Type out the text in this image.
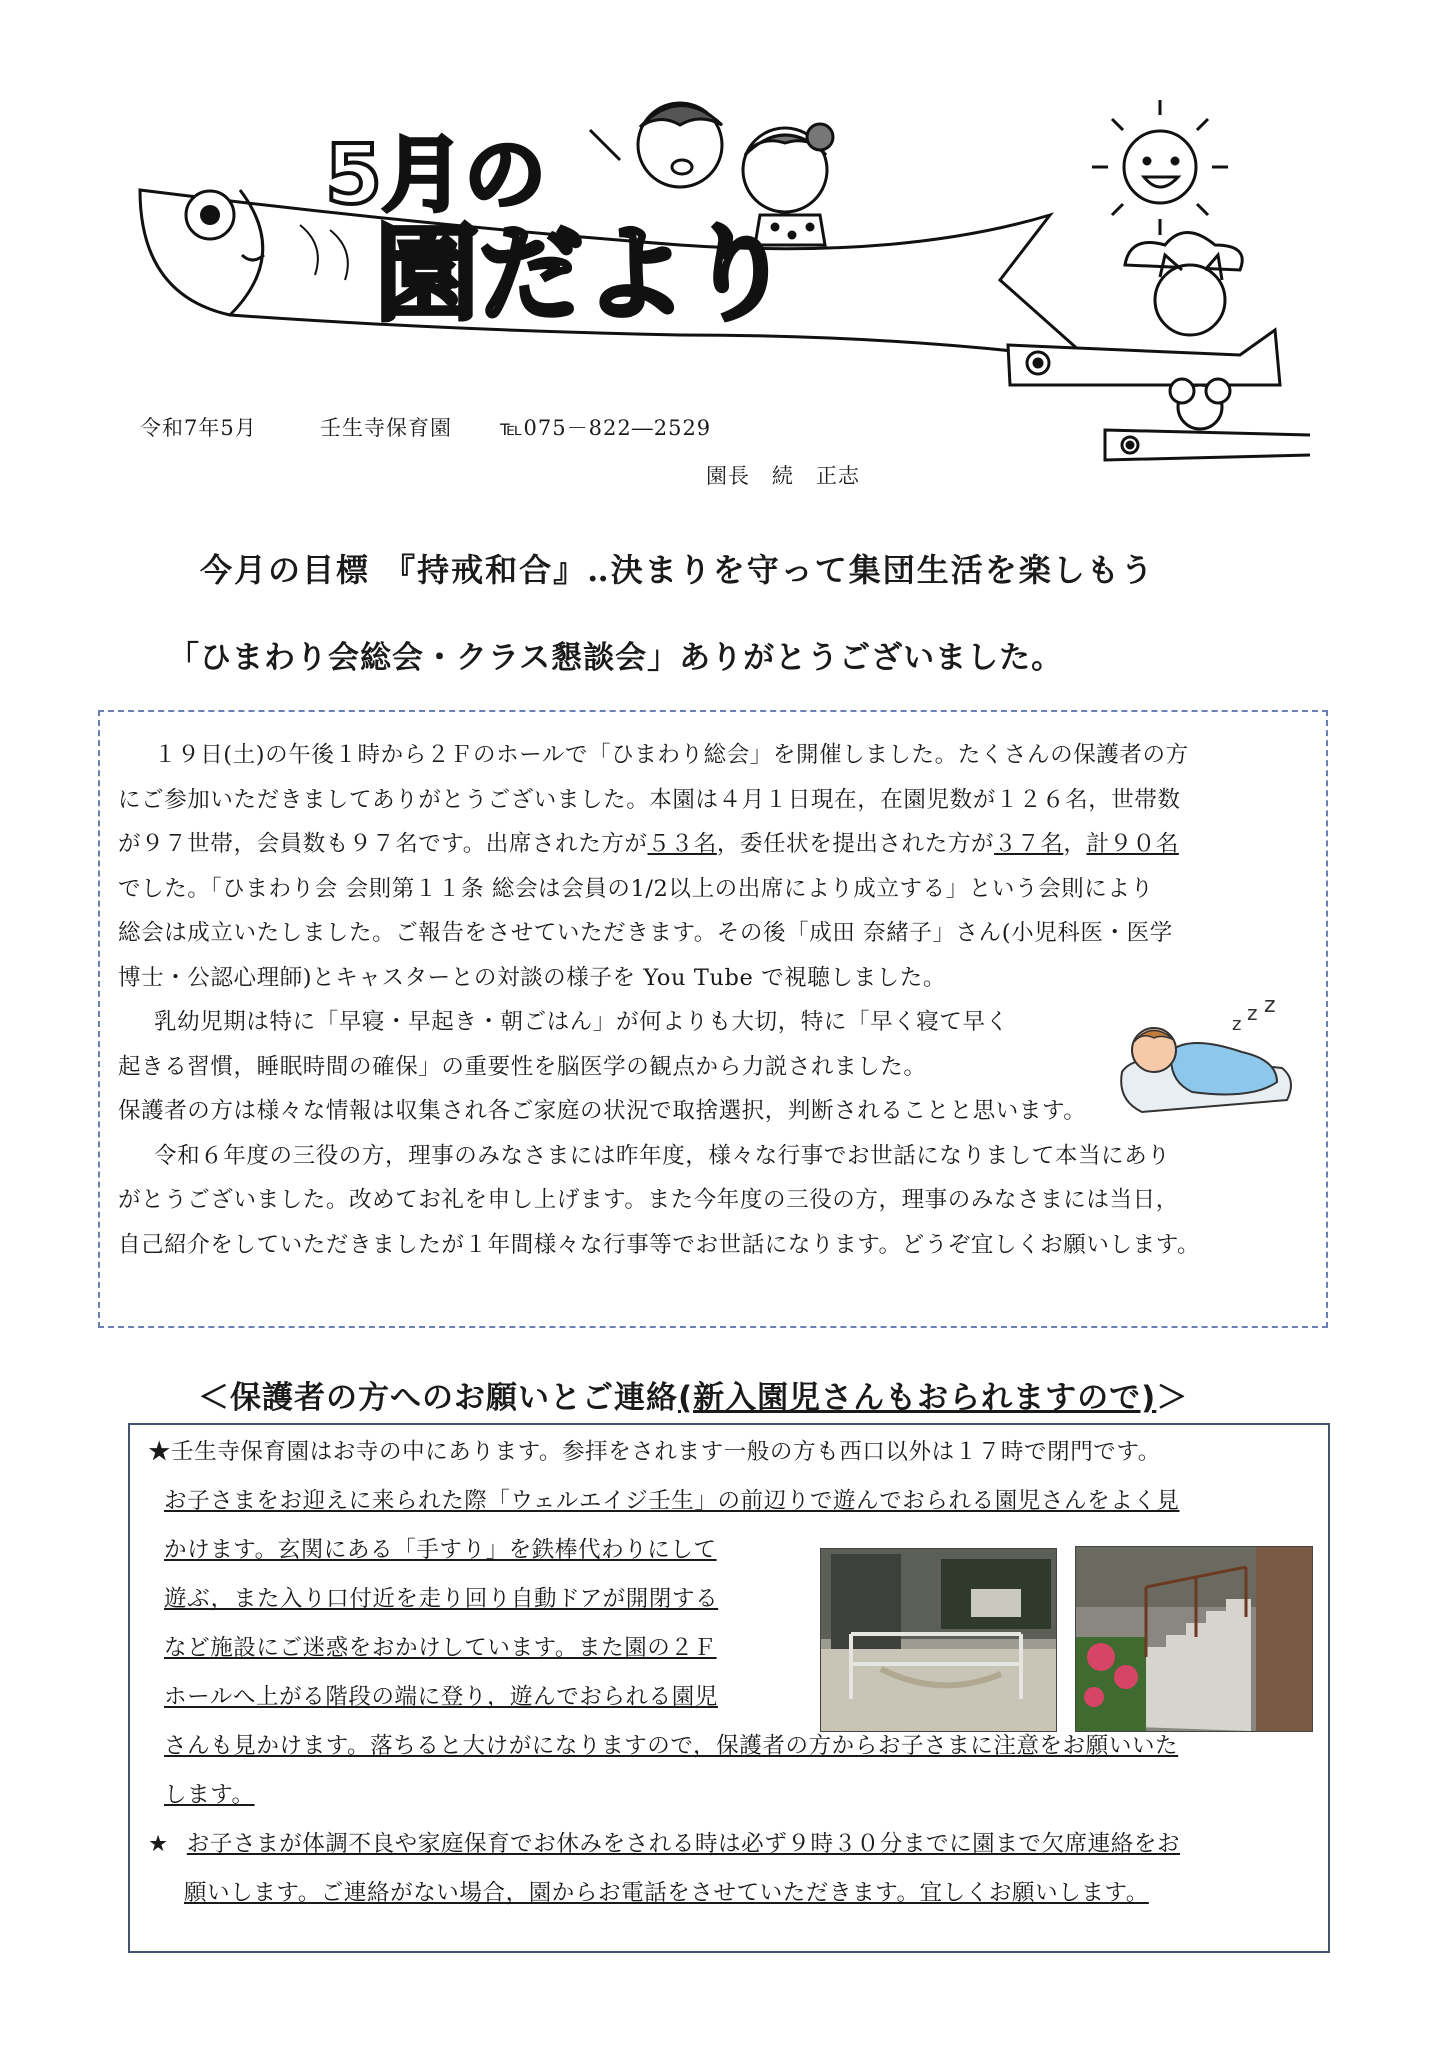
5月の
園だより
令和7年5月	壬生寺保育園 ℡075－822―2529
園長 続 正志
今月の目標 『持戒和合』‥決まりを守って集団生活を楽しもう
「ひまわり会総会・クラス懇談会」ありがとうございました。

１９日(土)の午後１時から２Ｆのホールで「ひまわり総会」を開催しました。たくさんの保護者の方

にご参加いただきましてありがとうございました。本園は４月１日現在，在園児数が１２６名，世帯数

が９７世帯，会員数も９７名です。出席された方が５３名，委任状を提出された方が３７名，計９０名

でした。「ひまわり会 会則第１１条 総会は会員の1/2以上の出席により成立する」という会則により

総会は成立いたしました。ご報告をさせていただきます。その後「成田 奈緒子」さん(小児科医・医学

博士・公認心理師)とキャスターとの対談の様子を You Tube で視聴しました。

乳幼児期は特に「早寝・早起き・朝ごはん」が何よりも大切，特に「早く寝て早く

起きる習慣，睡眠時間の確保」の重要性を脳医学の観点から力説されました。

保護者の方は様々な情報は収集され各ご家庭の状況で取捨選択，判断されることと思います。

令和６年度の三役の方，理事のみなさまには昨年度，様々な行事でお世話になりまして本当にあり

がとうございました。改めてお礼を申し上げます。また今年度の三役の方，理事のみなさまには当日，

自己紹介をしていただきましたが１年間様々な行事等でお世話になります。どうぞ宜しくお願いします。

z z z
＜保護者の方へのお願いとご連絡(新入園児さんもおられますので)＞
★壬生寺保育園はお寺の中にあります。参拝をされます一般の方も西口以外は１７時で閉門です。
お子さまをお迎えに来られた際「ウェルエイジ壬生」の前辺りで遊んでおられる園児さんをよく見
かけます。玄関にある「手すり」を鉄棒代わりにして
遊ぶ，また入り口付近を走り回り自動ドアが開閉する
など施設にご迷惑をおかけしています。また園の２Ｆ
ホールへ上がる階段の端に登り，遊んでおられる園児
さんも見かけます。落ちると大けがになりますので，保護者の方からお子さまに注意をお願いいた
します。
★ お子さまが体調不良や家庭保育でお休みをされる時は必ず９時３０分までに園まで欠席連絡をお
願いします。ご連絡がない場合，園からお電話をさせていただきます。宜しくお願いします。
